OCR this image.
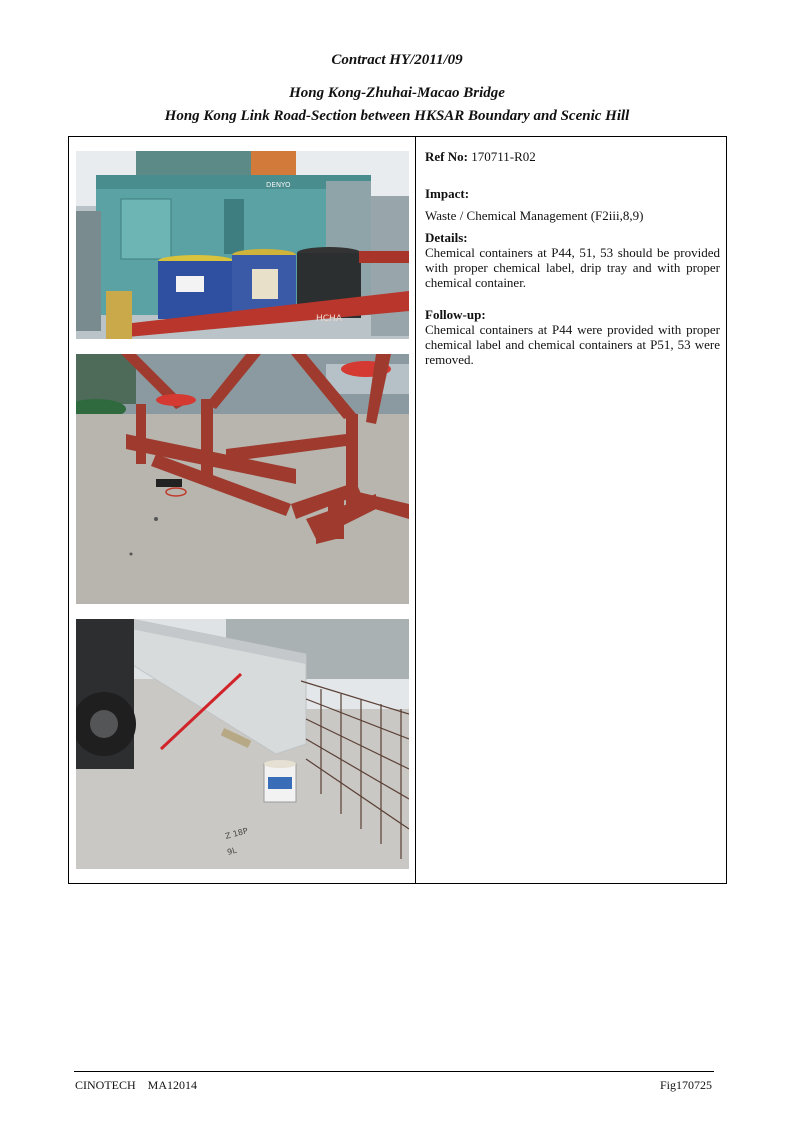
Contract HY/2011/09
Hong Kong-Zhuhai-Macao Bridge
Hong Kong Link Road-Section between HKSAR Boundary and Scenic Hill
HCHA
DENYO
Z 18P
9L
Ref No: 170711-R02
Impact:
Waste / Chemical Management (F2iii,8,9)
Details:
Chemical containers at P44, 51, 53 should be provided with proper chemical label, drip tray and with proper chemical container.
Follow-up:
Chemical containers at P44 were provided with proper chemical label and chemical containers at P51, 53 were removed.
CINOTECH    MA12014	Fig170725
